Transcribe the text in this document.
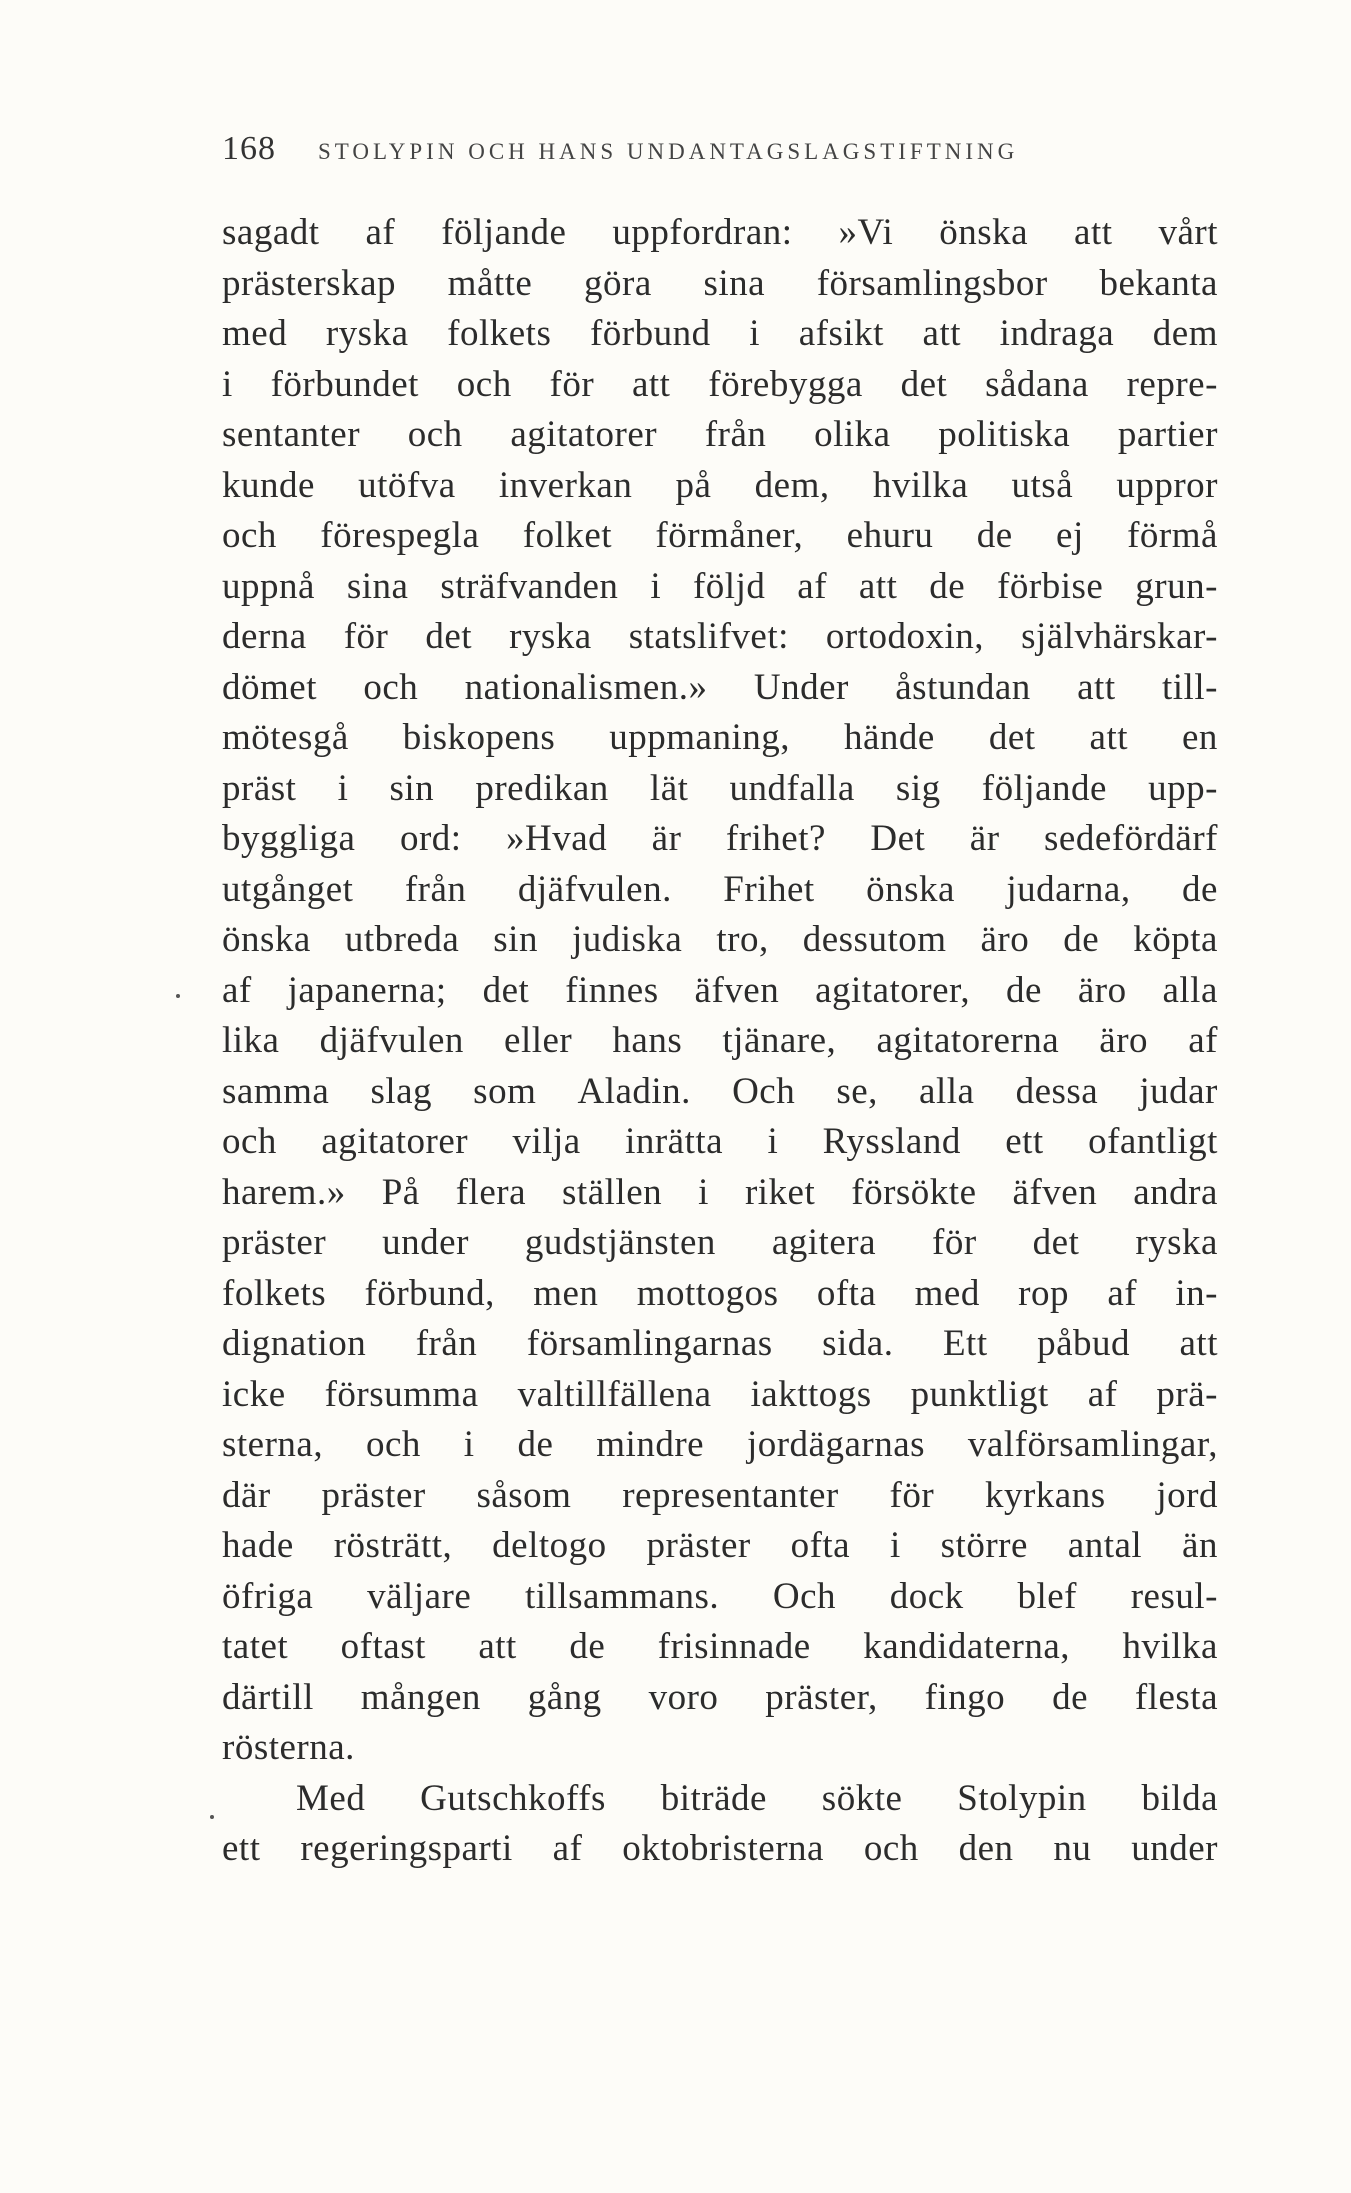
168 STOLYPIN OCH HANS UNDANTAGSLAGSTIFTNING
sagadt af följande uppfordran: »Vi önska att vårt
prästerskap måtte göra sina församlingsbor bekanta
med ryska folkets förbund i afsikt att indraga dem
i förbundet och för att förebygga det sådana repre-
sentanter och agitatorer från olika politiska partier
kunde utöfva inverkan på dem, hvilka utså uppror
och förespegla folket förmåner, ehuru de ej förmå
uppnå sina sträfvanden i följd af att de förbise grun-
derna för det ryska statslifvet: ortodoxin, självhärskar-
dömet och nationalismen.» Under åstundan att till-
mötesgå biskopens uppmaning, hände det att en
präst i sin predikan lät undfalla sig följande upp-
byggliga ord: »Hvad är frihet? Det är sedefördärf
utgånget från djäfvulen. Frihet önska judarna, de
önska utbreda sin judiska tro, dessutom äro de köpta
af japanerna; det finnes äfven agitatorer, de äro alla
lika djäfvulen eller hans tjänare, agitatorerna äro af
samma slag som Aladin. Och se, alla dessa judar
och agitatorer vilja inrätta i Ryssland ett ofantligt
harem.» På flera ställen i riket försökte äfven andra
präster under gudstjänsten agitera för det ryska
folkets förbund, men mottogos ofta med rop af in-
dignation från församlingarnas sida. Ett påbud att
icke försumma valtillfällena iakttogs punktligt af prä-
sterna, och i de mindre jordägarnas valförsamlingar,
där präster såsom representanter för kyrkans jord
hade rösträtt, deltogo präster ofta i större antal än
öfriga väljare tillsammans. Och dock blef resul-
tatet oftast att de frisinnade kandidaterna, hvilka
därtill mången gång voro präster, fingo de flesta
rösterna.
Med Gutschkoffs biträde sökte Stolypin bilda
ett regeringsparti af oktobristerna och den nu under
